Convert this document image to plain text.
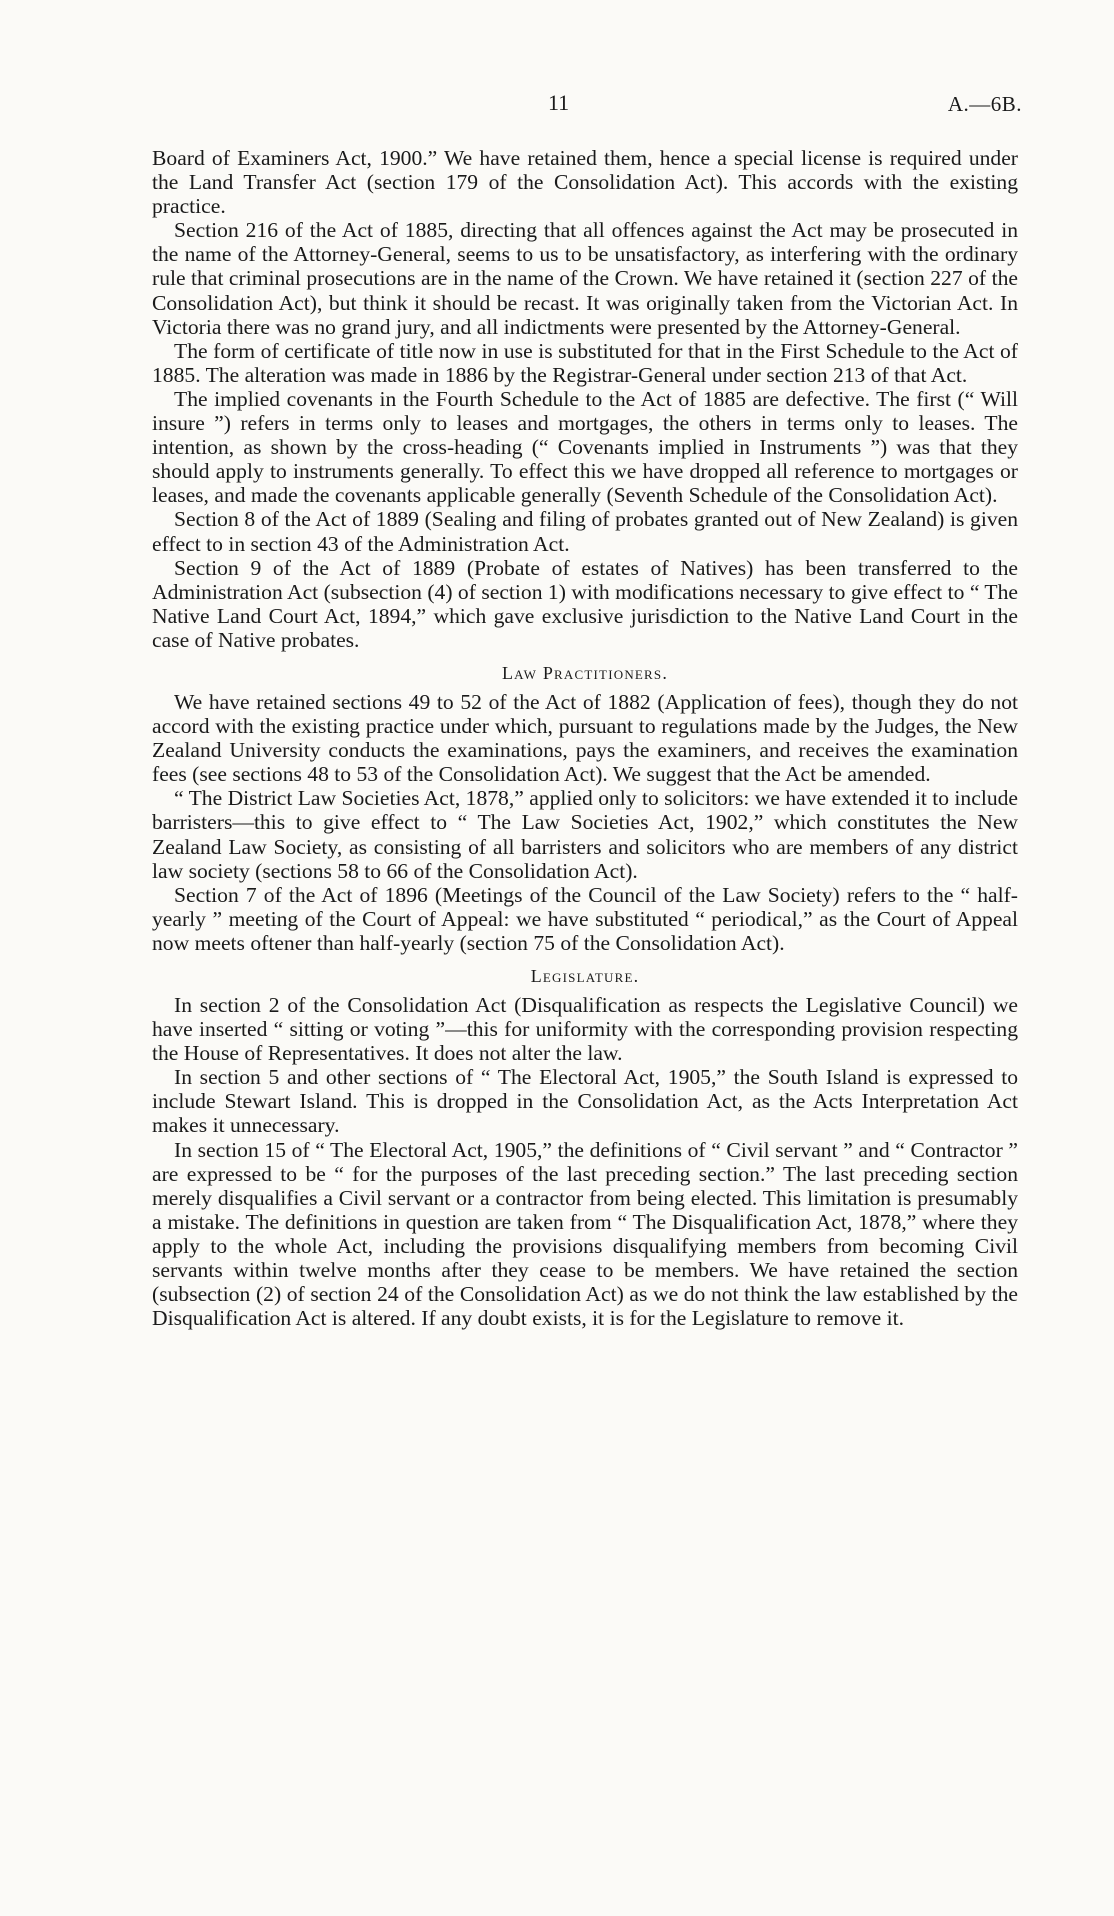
11	A.—6B.

Board of Examiners Act, 1900.” We have retained them, hence a special license is required under the Land Transfer Act (section 179 of the Consolidation Act). This accords with the existing practice.

Section 216 of the Act of 1885, directing that all offences against the Act may be prosecuted in the name of the Attorney-General, seems to us to be unsatisfactory, as interfering with the ordinary rule that criminal prosecutions are in the name of the Crown. We have retained it (section 227 of the Consolidation Act), but think it should be recast. It was originally taken from the Victorian Act. In Victoria there was no grand jury, and all indictments were presented by the Attorney-General.

The form of certificate of title now in use is substituted for that in the First Schedule to the Act of 1885. The alteration was made in 1886 by the Registrar-General under section 213 of that Act.

The implied covenants in the Fourth Schedule to the Act of 1885 are defective. The first (“ Will insure ”) refers in terms only to leases and mortgages, the others in terms only to leases. The intention, as shown by the cross-heading (“ Covenants implied in Instruments ”) was that they should apply to instruments generally. To effect this we have dropped all reference to mortgages or leases, and made the covenants applicable generally (Seventh Schedule of the Consolidation Act).

Section 8 of the Act of 1889 (Sealing and filing of probates granted out of New Zealand) is given effect to in section 43 of the Administration Act.

Section 9 of the Act of 1889 (Probate of estates of Natives) has been transferred to the Administration Act (subsection (4) of section 1) with modifications necessary to give effect to “ The Native Land Court Act, 1894,” which gave exclusive jurisdiction to the Native Land Court in the case of Native probates.

Law Practitioners.

We have retained sections 49 to 52 of the Act of 1882 (Application of fees), though they do not accord with the existing practice under which, pursuant to regulations made by the Judges, the New Zealand University conducts the examinations, pays the examiners, and receives the examination fees (see sections 48 to 53 of the Consolidation Act). We suggest that the Act be amended.

“ The District Law Societies Act, 1878,” applied only to solicitors: we have extended it to include barristers—this to give effect to “ The Law Societies Act, 1902,” which constitutes the New Zealand Law Society, as consisting of all barristers and solicitors who are members of any district law society (sections 58 to 66 of the Consolidation Act).

Section 7 of the Act of 1896 (Meetings of the Council of the Law Society) refers to the “ half-yearly ” meeting of the Court of Appeal: we have substituted “ periodical,” as the Court of Appeal now meets oftener than half-yearly (section 75 of the Consolidation Act).

Legislature.

In section 2 of the Consolidation Act (Disqualification as respects the Legislative Council) we have inserted “ sitting or voting ”—this for uniformity with the corresponding provision respecting the House of Representatives. It does not alter the law.

In section 5 and other sections of “ The Electoral Act, 1905,” the South Island is expressed to include Stewart Island. This is dropped in the Consolidation Act, as the Acts Interpretation Act makes it unnecessary.

In section 15 of “ The Electoral Act, 1905,” the definitions of “ Civil servant ” and “ Contractor ” are expressed to be “ for the purposes of the last preceding section.” The last preceding section merely disqualifies a Civil servant or a contractor from being elected. This limitation is presumably a mistake. The definitions in question are taken from “ The Disqualification Act, 1878,” where they apply to the whole Act, including the provisions disqualifying members from becoming Civil servants within twelve months after they cease to be members. We have retained the section (subsection (2) of section 24 of the Consolidation Act) as we do not think the law established by the Disqualification Act is altered. If any doubt exists, it is for the Legislature to remove it.
